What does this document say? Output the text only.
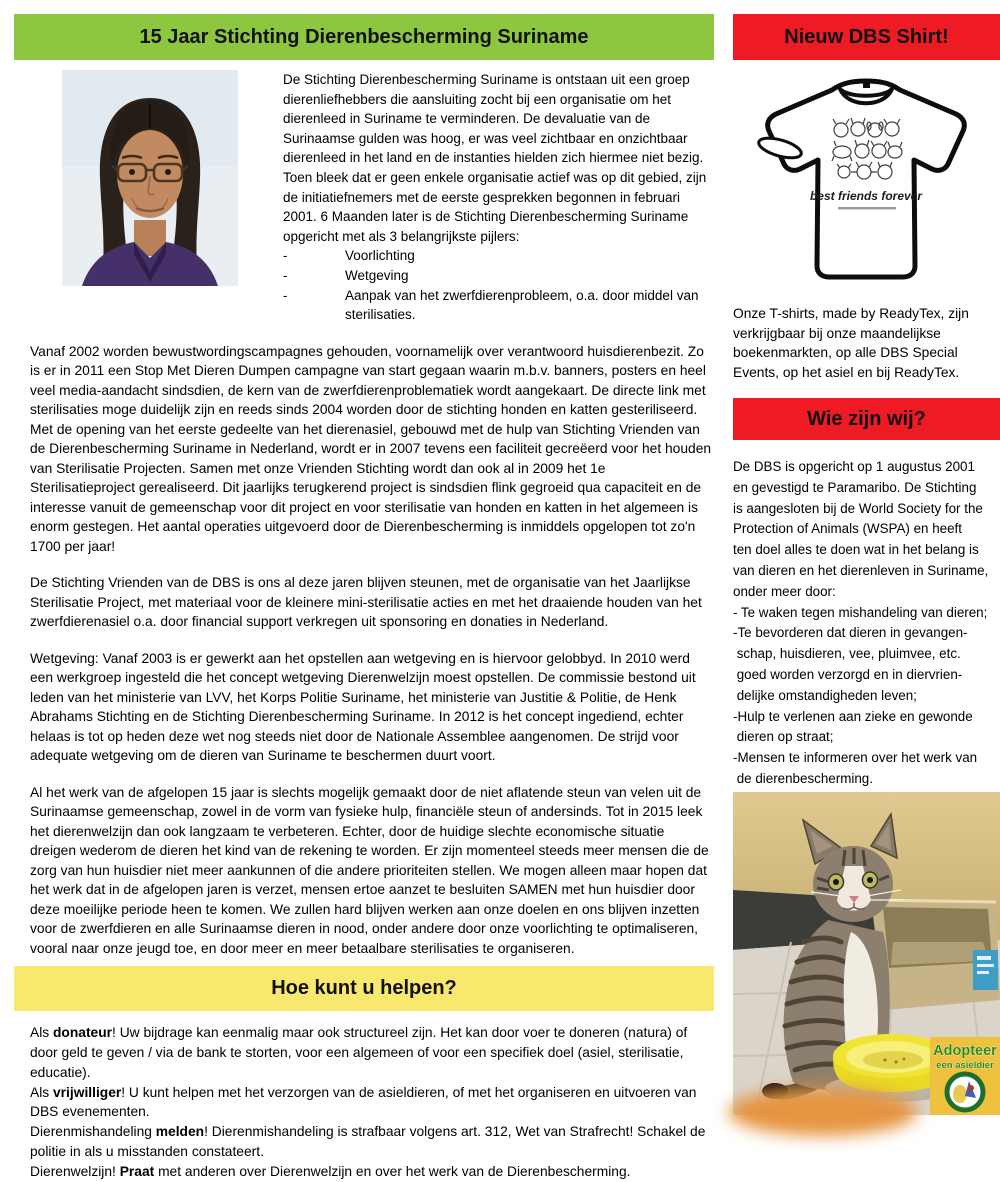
15 Jaar Stichting Dierenbescherming Suriname
De Stichting Dierenbescherming Suriname is ontstaan uit een groep dierenliefhebbers die aansluiting zocht bij een organisatie om het dierenleed in Suriname te verminderen. De devaluatie van de Surinaamse gulden was hoog, er was veel zichtbaar en onzichtbaar dierenleed in het land en de instanties hielden zich hiermee niet bezig. Toen bleek dat er geen enkele organisatie actief was op dit gebied, zijn de initiatiefnemers met de eerste gesprekken begonnen in februari 2001. 6 Maanden later is de Stichting Dierenbescherming Suriname opgericht met als 3 belangrijkste pijlers:
-	Voorlichting
-	Wetgeving
-	Aanpak van het zwerfdierenprobleem, o.a. door middel van sterilisaties.
Vanaf 2002 worden bewustwordingscampagnes gehouden, voornamelijk over verantwoord huisdierenbezit. Zo is er in 2011 een Stop Met Dieren Dumpen campagne van start gegaan waarin m.b.v. banners, posters en heel veel media-aandacht sindsdien, de kern van de zwerfdierenproblematiek wordt aangekaart. De directe link met sterilisaties moge duidelijk zijn en reeds sinds 2004 worden door de stichting honden en katten gesteriliseerd. Met de opening van het eerste gedeelte van het dierenasiel, gebouwd met de hulp van Stichting Vrienden van de Dierenbescherming Suriname in Nederland, wordt er in 2007 tevens een faciliteit gecreëerd voor het houden van Sterilisatie Projecten. Samen met onze Vrienden Stichting wordt dan ook al in 2009 het 1e Sterilisatieproject gerealiseerd. Dit jaarlijks terugkerend project is sindsdien flink gegroeid qua capaciteit en de interesse vanuit de gemeenschap voor dit project en voor sterilisatie van honden en katten in het algemeen is enorm gestegen. Het aantal operaties uitgevoerd door de Dierenbescherming is inmiddels opgelopen tot zo'n 1700 per jaar!
De Stichting Vrienden van de DBS is ons al deze jaren blijven steunen, met de organisatie van het Jaarlijkse Sterilisatie Project, met materiaal voor de kleinere mini-sterilisatie acties en met het draaiende houden van het zwerfdierenasiel o.a. door financial support verkregen uit sponsoring en donaties in Nederland.
Wetgeving: Vanaf 2003 is er gewerkt aan het opstellen aan wetgeving en is hiervoor gelobbyd. In 2010 werd een werkgroep ingesteld die het concept wetgeving Dierenwelzijn moest opstellen. De commissie bestond uit leden van het ministerie van LVV, het Korps Politie Suriname, het ministerie van Justitie & Politie, de Henk Abrahams Stichting en de Stichting Dierenbescherming Suriname. In 2012 is het concept ingediend, echter helaas is tot op heden deze wet nog steeds niet door de Nationale Assemblee aangenomen. De strijd voor adequate wetgeving om de dieren van Suriname te beschermen duurt voort.
Al het werk van de afgelopen 15 jaar is slechts mogelijk gemaakt door de niet aflatende steun van velen uit de Surinaamse gemeenschap, zowel in de vorm van fysieke hulp, financiële steun of andersinds. Tot in 2015 leek het dierenwelzijn dan ook langzaam te verbeteren. Echter, door de huidige slechte economische situatie dreigen wederom de dieren het kind van de rekening te worden. Er zijn momenteel steeds meer mensen die de zorg van hun huisdier niet meer aankunnen of die andere prioriteiten stellen. We mogen alleen maar hopen dat het werk dat in de afgelopen jaren is verzet, mensen ertoe aanzet te besluiten SAMEN met hun huisdier door deze moeilijke periode heen te komen. We zullen hard blijven werken aan onze doelen en ons blijven inzetten voor de zwerfdieren en alle Surinaamse dieren in nood, onder andere door onze voorlichting te optimaliseren, vooral naar onze jeugd toe, en door meer en meer betaalbare sterilisaties te organiseren.
Hoe kunt u helpen?
Als donateur! Uw bijdrage kan eenmalig maar ook structureel zijn. Het kan door voer te doneren (natura) of door geld te geven / via de bank te storten, voor een algemeen of voor een specifiek doel (asiel, sterilisatie, educatie).
Als vrijwilliger! U kunt helpen met het verzorgen van de asieldieren, of met het organiseren en uitvoeren van DBS evenementen.
Dierenmishandeling melden! Dierenmishandeling is strafbaar volgens art. 312, Wet van Strafrecht! Schakel de politie in als u misstanden constateert.
Dierenwelzijn! Praat met anderen over Dierenwelzijn en over het werk van de Dierenbescherming.
Nieuw DBS Shirt!
best friends forever
Onze T-shirts, made by ReadyTex, zijn
verkrijgbaar bij onze maandelijkse
boekenmarkten, op alle DBS Special
Events, op het asiel en bij ReadyTex.
Wie zijn wij?
De DBS is opgericht op 1 augustus 2001
en gevestigd te Paramaribo. De Stichting
is aangesloten bij de World Society for the
Protection of Animals (WSPA) en heeft
ten doel alles te doen wat in het belang is
van dieren en het dierenleven in Suriname,
onder meer door:
- Te waken tegen mishandeling van dieren;
-Te bevorderen dat dieren in gevangen-
schap, huisdieren, vee, pluimvee, etc.
goed worden verzorgd en in diervrien-
delijke omstandigheden leven;
-Hulp te verlenen aan zieke en gewonde
dieren op straat;
-Mensen te informeren over het werk van
de dierenbescherming.
Adopteer
een asieldier
